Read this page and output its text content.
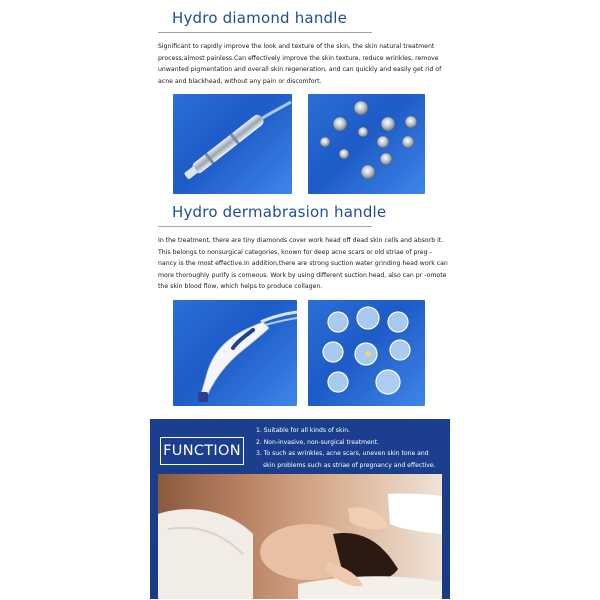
Hydro diamond handle

Significant to rapidly improve the look and texture of the skin, the skin natural treatment process,almost painless.Can effectively improve the skin texture, reduce wrinkles, remove unwanted pigmentation and overall skin regeneration, and can quickly and easily get rid of acne and blackhead, without any pain or discomfort.

Hydro dermabrasion handle

In the treatment, there are tiny diamonds cover work head off dead skin cells and absorb it. This belongs to nonsurgical categories, known for deep acne scars or old striae of preg -nancy is the most effective.In addition,there are strong suction water grinding head work can more thoroughly purify is corneous. Work by using different suction head, also can pr -omote the skin blood flow, which helps to produce collagen.

FUNCTION
1. Suitable for all kinds of skin.
2. Non-invasive, non-surgical treatment.
3. To such as wrinkles, acne scars, uneven skin tone and
skin problems such as striae of pregnancy and effective.
